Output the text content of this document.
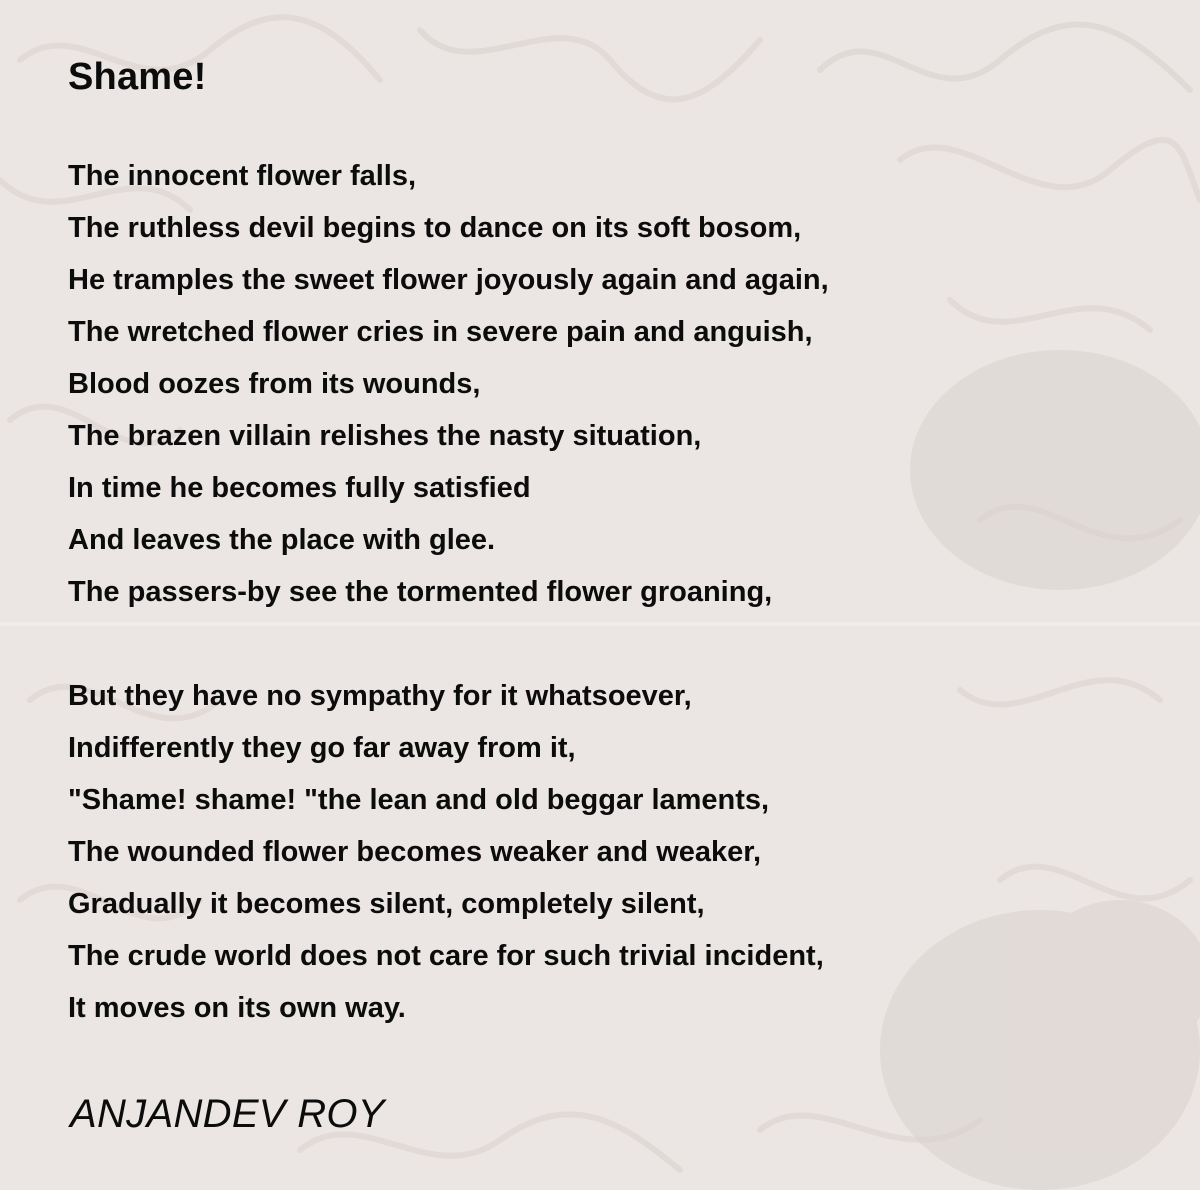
Shame!
The innocent flower falls,
The ruthless devil begins to dance on its soft bosom,
He tramples the sweet flower joyously again and again,
The wretched flower cries in severe pain and anguish,
Blood oozes from its wounds,
The brazen villain relishes the nasty situation,
In time he becomes fully satisfied
And leaves the place with glee.
The passers-by see the tormented flower groaning,
But they have no sympathy for it whatsoever,
Indifferently they go far away from it,
"Shame! shame! "the lean and old beggar laments,
The wounded flower becomes weaker and weaker,
Gradually it becomes silent, completely silent,
The crude world does not care for such trivial incident,
It moves on its own way.

ANJANDEV ROY
